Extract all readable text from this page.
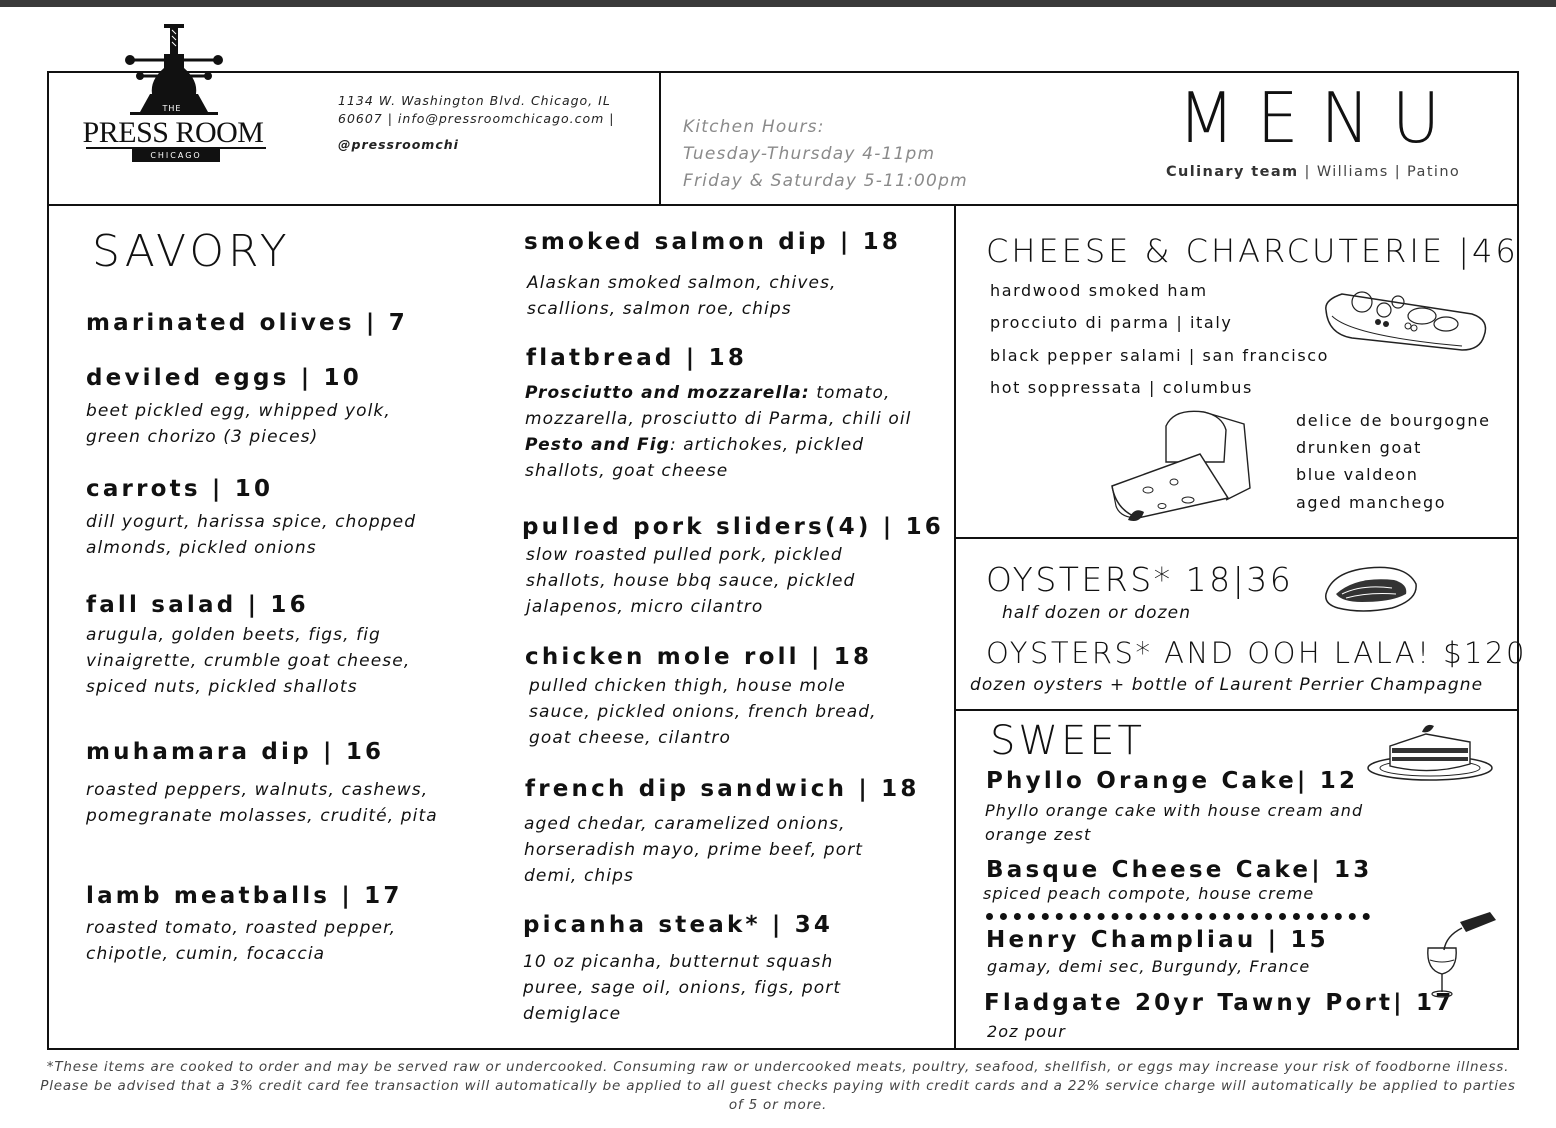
THE
PRESS ROOM
CHICAGO
1134 W. Washington Blvd. Chicago, IL 60607 | info@pressroomchicago.com |
@pressroomchi
Kitchen Hours:
Tuesday-Thursday 4-11pm
Friday & Saturday 5-11:00pm
MENU
Culinary team | Williams | Patino
SAVORY
marinated olives | 7
deviled eggs | 10
beet pickled egg, whipped yolk, green chorizo (3 pieces)
carrots | 10
dill yogurt, harissa spice, chopped almonds, pickled onions
fall salad | 16
arugula, golden beets, figs, fig vinaigrette, crumble goat cheese, spiced nuts, pickled shallots
muhamara dip | 16
roasted peppers, walnuts, cashews, pomegranate molasses, crudité, pita
lamb meatballs | 17
roasted tomato, roasted pepper, chipotle, cumin, focaccia
smoked salmon dip | 18
Alaskan smoked salmon, chives, scallions, salmon roe, chips
flatbread | 18
Prosciutto and mozzarella: tomato, mozzarella, prosciutto di Parma, chili oil
Pesto and Fig: artichokes, pickled shallots, goat cheese
pulled pork sliders(4) | 16
slow roasted pulled pork, pickled shallots, house bbq sauce, pickled jalapenos, micro cilantro
chicken mole roll | 18
pulled chicken thigh, house mole sauce, pickled onions, french bread, goat cheese, cilantro
french dip sandwich | 18
aged chedar, caramelized onions, horseradish mayo, prime beef, port demi, chips
picanha steak* | 34
10 oz picanha, butternut squash puree, sage oil, onions, figs, port demiglace
CHEESE & CHARCUTERIE |46
hardwood smoked ham
procciuto di parma | italy
black pepper salami | san francisco
hot soppressata | columbus
delice de bourgogne
drunken goat
blue valdeon
aged manchego
OYSTERS* 18|36
half dozen or dozen
OYSTERS* AND OOH LALA! $120
dozen oysters + bottle of Laurent Perrier Champagne
SWEET
Phyllo Orange Cake| 12
Phyllo orange cake with house cream and orange zest
Basque Cheese Cake| 13
spiced peach compote, house creme
Henry Champliau | 15
gamay, demi sec, Burgundy, France
Fladgate 20yr Tawny Port| 17
2oz pour
*These items are cooked to order and may be served raw or undercooked. Consuming raw or undercooked meats, poultry, seafood, shellfish, or eggs may increase your risk of foodborne illness. Please be advised that a 3% credit card fee transaction will automatically be applied to all guest checks paying with credit cards and a 22% service charge will automatically be applied to parties of 5 or more.
